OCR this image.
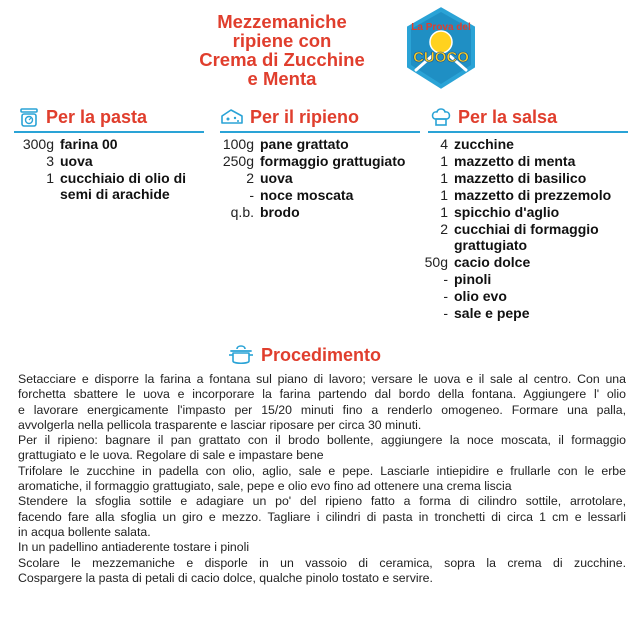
Mezzemaniche
ripiene con
Crema di Zucchine
e Menta
La Prova del
CUOCO
Per la pasta	Per il ripieno	Per la salsa
300g farina 00
3 uova
1 cucchiaio di olio di semi di arachide
100g pane grattato
250g formaggio grattugiato
2 uova
- noce moscata
q.b. brodo
4 zucchine
1 mazzetto di menta
1 mazzetto di basilico
1 mazzetto di prezzemolo
1 spicchio d'aglio
2 cucchiai di formaggio grattugiato
50g cacio dolce
- pinoli
- olio evo
- sale e pepe
Procedimento

Setacciare e disporre la farina a fontana sul piano di lavoro; versare le uova e il sale al centro. Con una

forchetta sbattere le uova e incorporare la farina partendo dal bordo della fontana. Aggiungere l' olio

e lavorare energicamente l'impasto per 15/20 minuti fino a renderlo omogeneo. Formare una palla,

avvolgerla nella pellicola trasparente e lasciar riposare per circa 30 minuti.

Per il ripieno: bagnare il pan grattato con il brodo bollente, aggiungere la noce moscata, il formaggio

grattugiato e le uova. Regolare di sale e impastare bene

Trifolare le zucchine in padella con olio, aglio, sale e pepe. Lasciarle intiepidire e frullarle con le erbe

aromatiche, il formaggio grattugiato, sale, pepe e olio evo fino ad ottenere una crema liscia

Stendere la sfoglia sottile e adagiare un po' del ripieno fatto a forma di cilindro sottile, arrotolare,

facendo fare alla sfoglia un giro e mezzo. Tagliare i cilindri di pasta in tronchetti di circa 1 cm e lessarli

in acqua bollente salata.

In un padellino antiaderente tostare i pinoli

Scolare le mezzemaniche e disporle in un vassoio di ceramica, sopra la crema di zucchine.

Cospargere la pasta di petali di cacio dolce, qualche pinolo tostato e servire.
